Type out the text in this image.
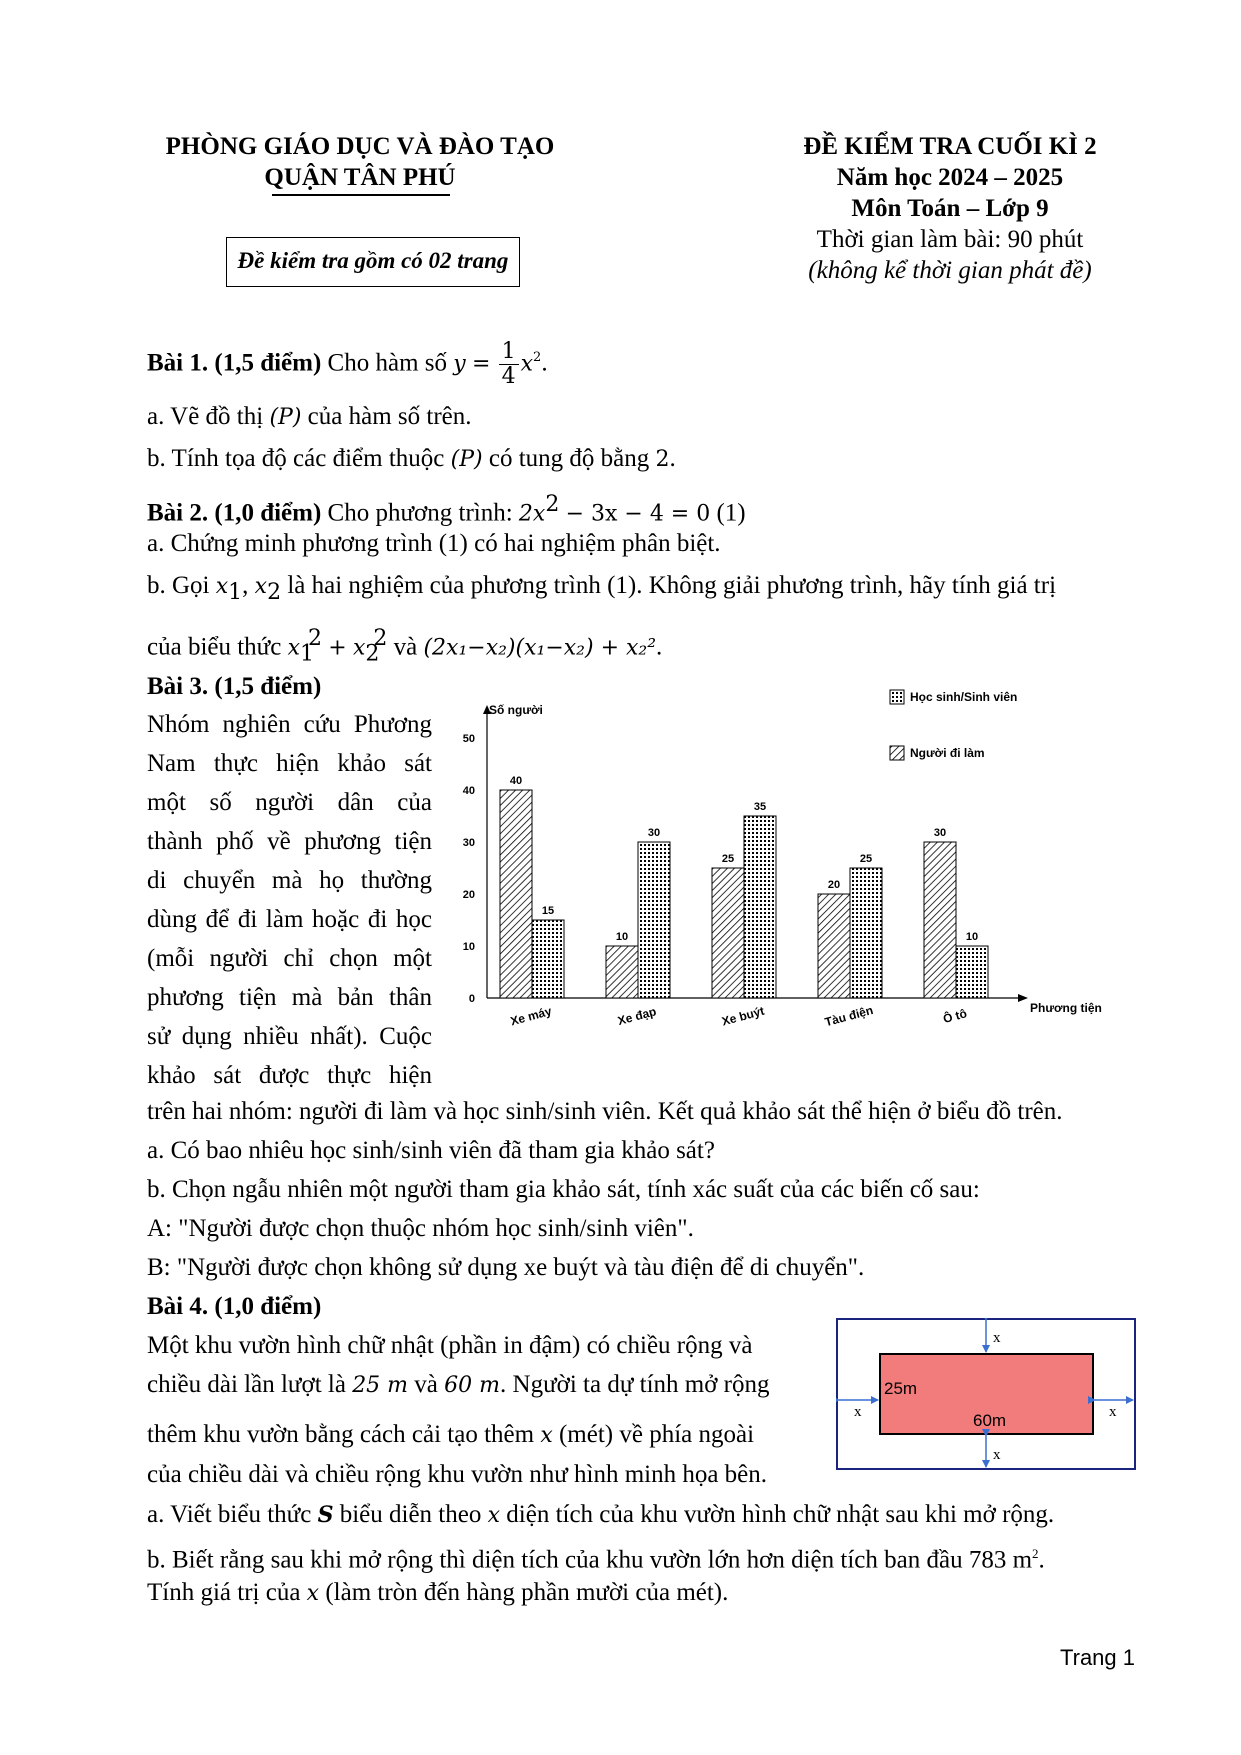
PHÒNG GIÁO DỤC VÀ ĐÀO TẠO
QUẬN TÂN PHÚ
Đề kiểm tra gồm có 02 trang
ĐỀ KIỂM TRA CUỐI KÌ 2
Năm học 2024 – 2025
Môn Toán – Lớp 9
Thời gian làm bài: 90 phút
(không kể thời gian phát đề)
Bài 1. (1,5 điểm) Cho hàm số $y = \frac{1}{4} x^2$.
a. Vẽ đồ thị (P) của hàm số trên.
b. Tính tọa độ các điểm thuộc (P) có tung độ bằng 2.
Bài 2. (1,0 điểm) Cho phương trình: $2x^2 - 3x - 4 = 0$ (1)
a. Chứng minh phương trình (1) có hai nghiệm phân biệt.
b. Gọi $x_1$, $x_2$ là hai nghiệm của phương trình (1). Không giải phương trình, hãy tính giá trị
của biểu thức $x_1^2 + x_2^2$ và (2x₁−x₂)(x₁−x₂) + x₂².
Bài 3. (1,5 điểm)
Nhóm nghiên cứu Phương
Nam thực hiện khảo sát
một số người dân của
thành phố về phương tiện
di chuyển mà họ thường
dùng để đi làm hoặc đi học
(mỗi người chỉ chọn một
phương tiện mà bản thân
sử dụng nhiều nhất). Cuộc
khảo sát được thực hiện
Số người
0
10
20
30
40
50
Phương tiện
40
15
Xe máy
10
30
Xe đạp
25
35
Xe buýt
20
25
Tàu điện
30
10
Ô tô
Học sinh/Sinh viên
Người đi làm
trên hai nhóm: người đi làm và học sinh/sinh viên. Kết quả khảo sát thể hiện ở biểu đồ trên.
a. Có bao nhiêu học sinh/sinh viên đã tham gia khảo sát?
b. Chọn ngẫu nhiên một người tham gia khảo sát, tính xác suất của các biến cố sau:
A: "Người được chọn thuộc nhóm học sinh/sinh viên".
B: "Người được chọn không sử dụng xe buýt và tàu điện để di chuyển".
Bài 4. (1,0 điểm)
Một khu vườn hình chữ nhật (phần in đậm) có chiều rộng và
chiều dài lần lượt là 25 m và 60 m. Người ta dự tính mở rộng
thêm khu vườn bằng cách cải tạo thêm x (mét) về phía ngoài
của chiều dài và chiều rộng khu vườn như hình minh họa bên.
a. Viết biểu thức S biểu diễn theo x diện tích của khu vườn hình chữ nhật sau khi mở rộng.
b. Biết rằng sau khi mở rộng thì diện tích của khu vườn lớn hơn diện tích ban đầu 783 $m^2$.
Tính giá trị của x (làm tròn đến hàng phần mười của mét).
x
x
x	x
25m
60m
Trang 1
